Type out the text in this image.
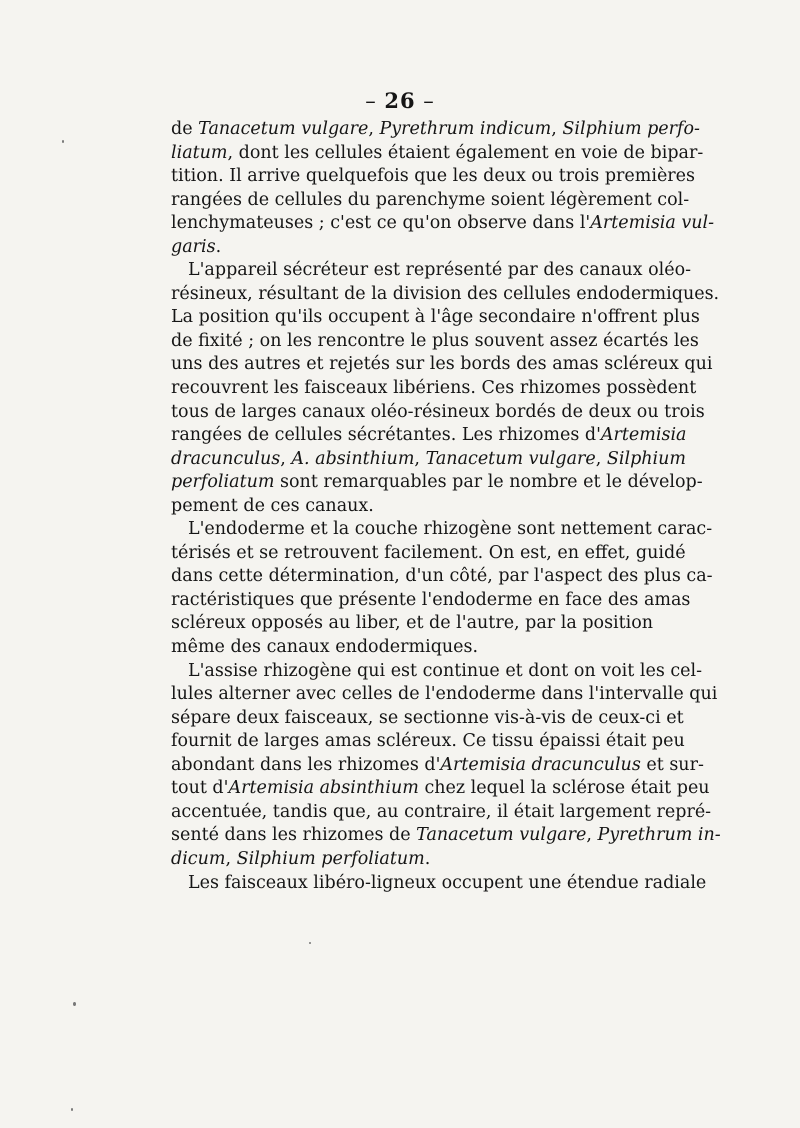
– 26 –
de Tanacetum vulgare, Pyrethrum indicum, Silphium perfo-
liatum, dont les cellules étaient également en voie de bipar-
tition. Il arrive quelquefois que les deux ou trois premières
rangées de cellules du parenchyme soient légèrement col-
lenchymateuses ; c'est ce qu'on observe dans l'Artemisia vul-
garis.
L'appareil sécréteur est représenté par des canaux oléo-
résineux, résultant de la division des cellules endodermiques.
La position qu'ils occupent à l'âge secondaire n'offrent plus
de fixité ; on les rencontre le plus souvent assez écartés les
uns des autres et rejetés sur les bords des amas scléreux qui
recouvrent les faisceaux libériens. Ces rhizomes possèdent
tous de larges canaux oléo-résineux bordés de deux ou trois
rangées de cellules sécrétantes. Les rhizomes d'Artemisia
dracunculus, A. absinthium, Tanacetum vulgare, Silphium
perfoliatum sont remarquables par le nombre et le dévelop-
pement de ces canaux.
L'endoderme et la couche rhizogène sont nettement carac-
térisés et se retrouvent facilement. On est, en effet, guidé
dans cette détermination, d'un côté, par l'aspect des plus ca-
ractéristiques que présente l'endoderme en face des amas
scléreux opposés au liber, et de l'autre, par la position
même des canaux endodermiques.
L'assise rhizogène qui est continue et dont on voit les cel-
lules alterner avec celles de l'endoderme dans l'intervalle qui
sépare deux faisceaux, se sectionne vis-à-vis de ceux-ci et
fournit de larges amas scléreux. Ce tissu épaissi était peu
abondant dans les rhizomes d'Artemisia dracunculus et sur-
tout d'Artemisia absinthium chez lequel la sclérose était peu
accentuée, tandis que, au contraire, il était largement repré-
senté dans les rhizomes de Tanacetum vulgare, Pyrethrum in-
dicum, Silphium perfoliatum.
Les faisceaux libéro-ligneux occupent une étendue radiale
